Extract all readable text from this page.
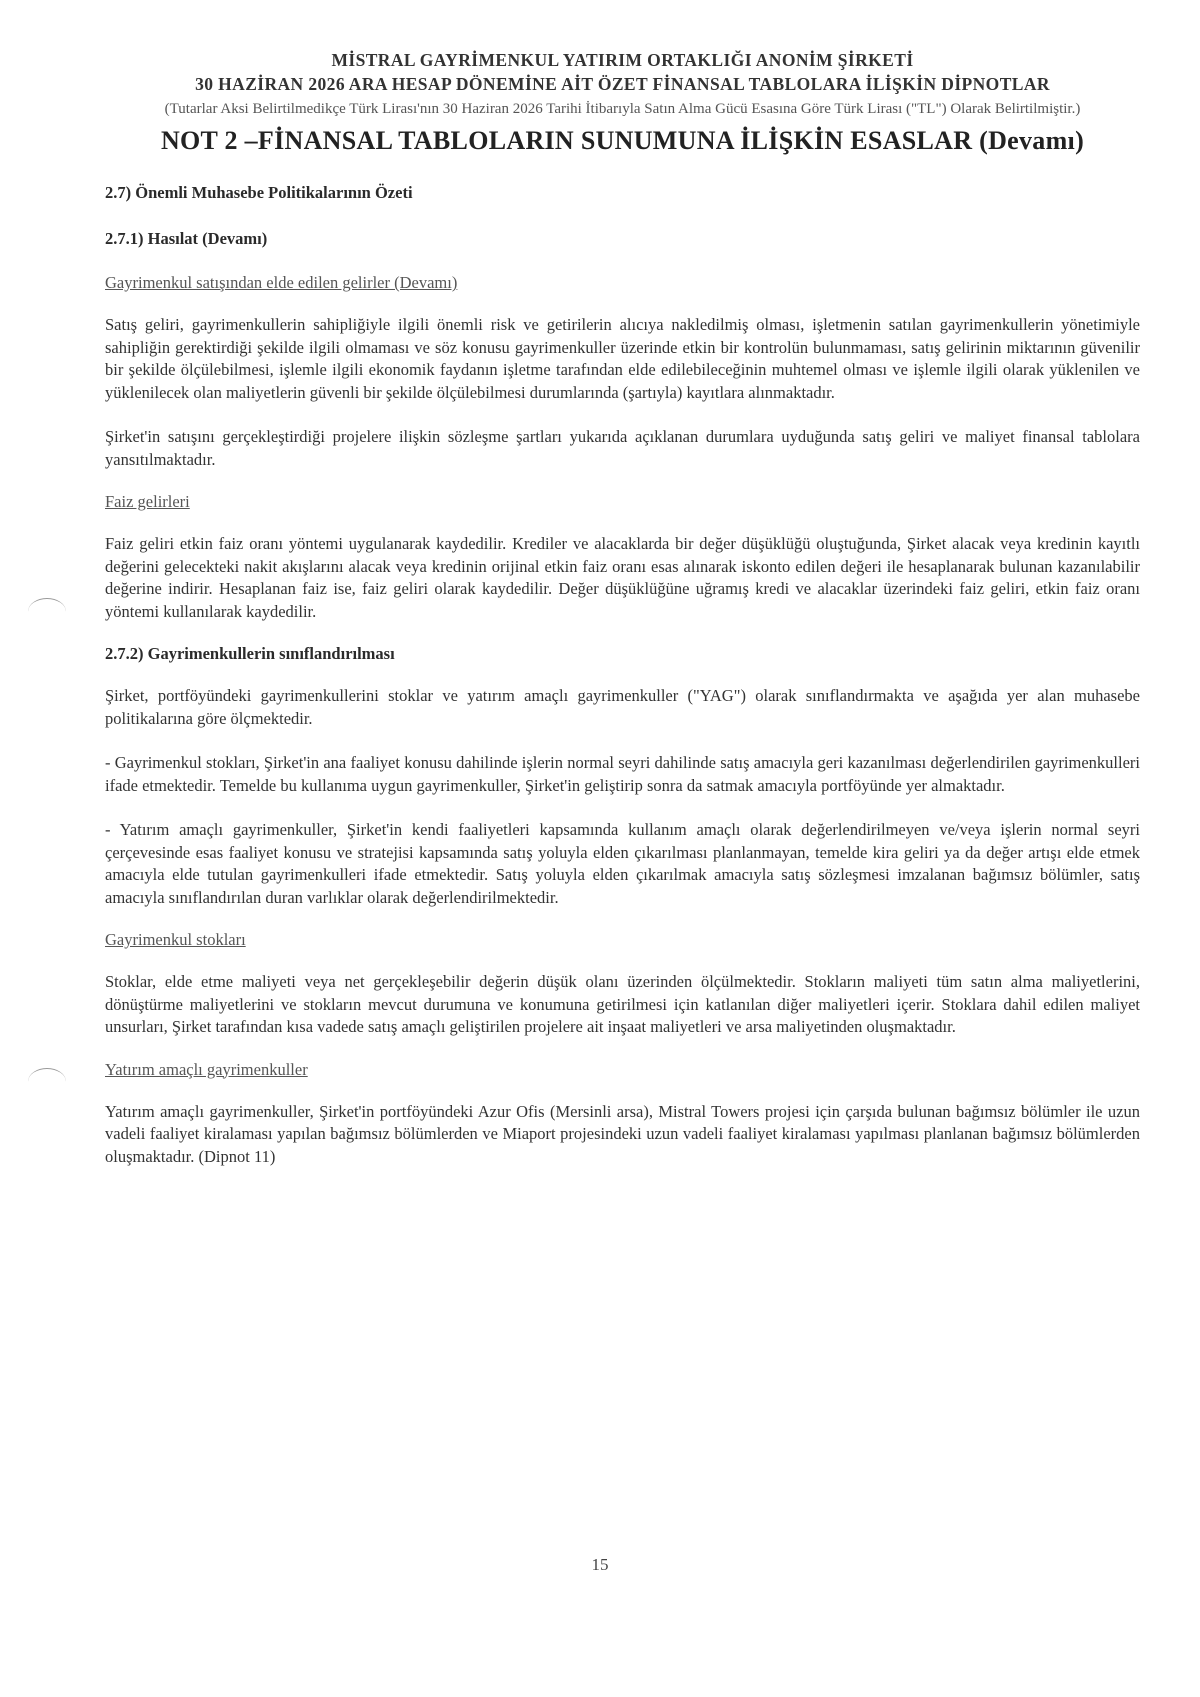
MİSTRAL GAYRİMENKUL YATIRIM ORTAKLIĞI ANONİM ŞİRKETİ
30 HAZİRAN 2026 ARA HESAP DÖNEMİNE AİT ÖZET FİNANSAL TABLOLARA İLİŞKİN DİPNOTLAR
(Tutarlar Aksi Belirtilmedikçe Türk Lirası'nın 30 Haziran 2026 Tarihi İtibarıyla Satın Alma Gücü Esasına Göre Türk Lirası ("TL") Olarak Belirtilmiştir.)
NOT 2 –FİNANSAL TABLOLARIN SUNUMUNA İLİŞKİN ESASLAR (Devamı)
2.7) Önemli Muhasebe Politikalarının Özeti
2.7.1) Hasılat (Devamı)
Gayrimenkul satışından elde edilen gelirler (Devamı)

Satış geliri, gayrimenkullerin sahipliğiyle ilgili önemli risk ve getirilerin alıcıya nakledilmiş olması, işletmenin satılan gayrimenkullerin yönetimiyle sahipliğin gerektirdiği şekilde ilgili olmaması ve söz konusu gayrimenkuller üzerinde etkin bir kontrolün bulunmaması, satış gelirinin miktarının güvenilir bir şekilde ölçülebilmesi, işlemle ilgili ekonomik faydanın işletme tarafından elde edilebileceğinin muhtemel olması ve işlemle ilgili olarak yüklenilen ve yüklenilecek olan maliyetlerin güvenli bir şekilde ölçülebilmesi durumlarında (şartıyla) kayıtlara alınmaktadır.

Şirket'in satışını gerçekleştirdiği projelere ilişkin sözleşme şartları yukarıda açıklanan durumlara uyduğunda satış geliri ve maliyet finansal tablolara yansıtılmaktadır.

Faiz gelirleri

Faiz geliri etkin faiz oranı yöntemi uygulanarak kaydedilir. Krediler ve alacaklarda bir değer düşüklüğü oluştuğunda, Şirket alacak veya kredinin kayıtlı değerini gelecekteki nakit akışlarını alacak veya kredinin orijinal etkin faiz oranı esas alınarak iskonto edilen değeri ile hesaplanarak bulunan kazanılabilir değerine indirir. Hesaplanan faiz ise, faiz geliri olarak kaydedilir. Değer düşüklüğüne uğramış kredi ve alacaklar üzerindeki faiz geliri, etkin faiz oranı yöntemi kullanılarak kaydedilir.

2.7.2) Gayrimenkullerin sınıflandırılması

Şirket, portföyündeki gayrimenkullerini stoklar ve yatırım amaçlı gayrimenkuller ("YAG") olarak sınıflandırmakta ve aşağıda yer alan muhasebe politikalarına göre ölçmektedir.

- Gayrimenkul stokları, Şirket'in ana faaliyet konusu dahilinde işlerin normal seyri dahilinde satış amacıyla geri kazanılması değerlendirilen gayrimenkulleri ifade etmektedir. Temelde bu kullanıma uygun gayrimenkuller, Şirket'in geliştirip sonra da satmak amacıyla portföyünde yer almaktadır.

- Yatırım amaçlı gayrimenkuller, Şirket'in kendi faaliyetleri kapsamında kullanım amaçlı olarak değerlendirilmeyen ve/veya işlerin normal seyri çerçevesinde esas faaliyet konusu ve stratejisi kapsamında satış yoluyla elden çıkarılması planlanmayan, temelde kira geliri ya da değer artışı elde etmek amacıyla elde tutulan gayrimenkulleri ifade etmektedir. Satış yoluyla elden çıkarılmak amacıyla satış sözleşmesi imzalanan bağımsız bölümler, satış amacıyla sınıflandırılan duran varlıklar olarak değerlendirilmektedir.

Gayrimenkul stokları

Stoklar, elde etme maliyeti veya net gerçekleşebilir değerin düşük olanı üzerinden ölçülmektedir. Stokların maliyeti tüm satın alma maliyetlerini, dönüştürme maliyetlerini ve stokların mevcut durumuna ve konumuna getirilmesi için katlanılan diğer maliyetleri içerir. Stoklara dahil edilen maliyet unsurları, Şirket tarafından kısa vadede satış amaçlı geliştirilen projelere ait inşaat maliyetleri ve arsa maliyetinden oluşmaktadır.

Yatırım amaçlı gayrimenkuller

Yatırım amaçlı gayrimenkuller, Şirket'in portföyündeki Azur Ofis (Mersinli arsa), Mistral Towers projesi için çarşıda bulunan bağımsız bölümler ile uzun vadeli faaliyet kiralaması yapılan bağımsız bölümlerden ve Miaport projesindeki uzun vadeli faaliyet kiralaması yapılması planlanan bağımsız bölümlerden oluşmaktadır. (Dipnot 11)

15
